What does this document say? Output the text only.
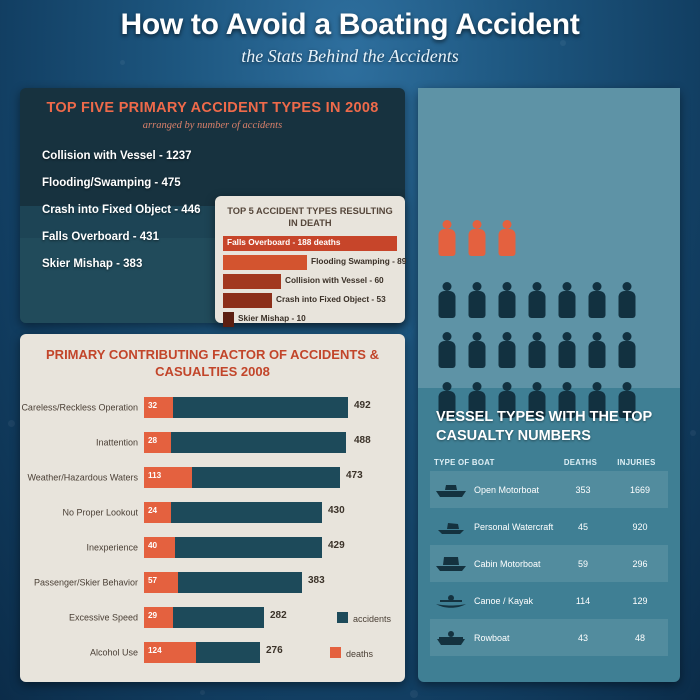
How to Avoid a Boating Accident

the Stats Behind the Accidents

TOP FIVE PRIMARY ACCIDENT TYPES IN 2008
arranged by number of accidents
Collision with Vessel - 1237
Flooding/Swamping - 475
Crash into Fixed Object - 446
Falls Overboard - 431
Skier Mishap - 383
TOP 5 ACCIDENT TYPES RESULTING IN DEATH
Falls Overboard - 188 deaths
Flooding Swamping - 89
Collision with Vessel - 60
Crash into Fixed Object - 53
Skier Mishap - 10
PRIMARY CONTRIBUTING FACTOR OF ACCIDENTS & CASUALTIES 2008
Careless/Reckless Operation 32	492
Inattention 28	488
Weather/Hazardous Waters 113	473
No Proper Lookout 24	430
Inexperience 40	429
Passenger/Skier Behavior 57	383
Excessive Speed 29	282	accidents
Alcohol Use 124	276	deaths
VESSEL TYPES WITH THE TOP CASUALTY NUMBERS
TYPE OF BOAT	DEATHS	INJURIES
Open Motorboat	353	1669
Personal Watercraft	45	920
Cabin Motorboat	59	296
Canoe / Kayak	114	129
Rowboat	43	48
